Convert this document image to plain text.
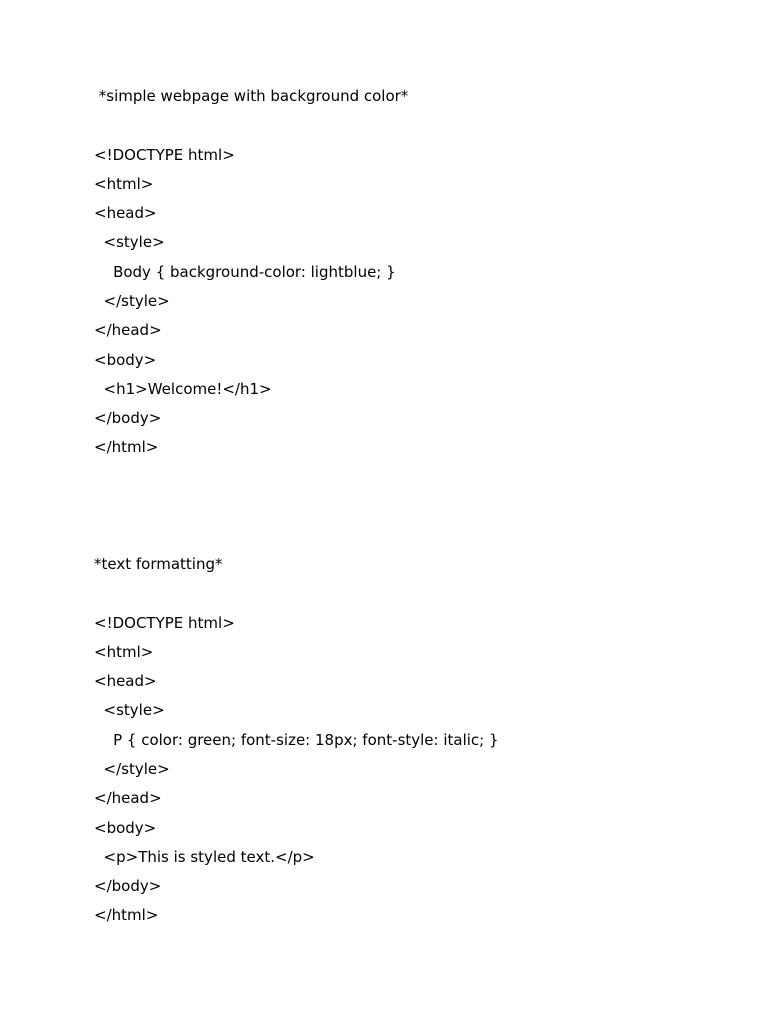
*simple webpage with background color*
<!DOCTYPE html>
<html>
<head>
<style>
Body { background-color: lightblue; }
</style>
</head>
<body>
<h1>Welcome!</h1>
</body>
</html>
*text formatting*
<!DOCTYPE html>
<html>
<head>
<style>
P { color: green; font-size: 18px; font-style: italic; }
</style>
</head>
<body>
<p>This is styled text.</p>
</body>
</html>
